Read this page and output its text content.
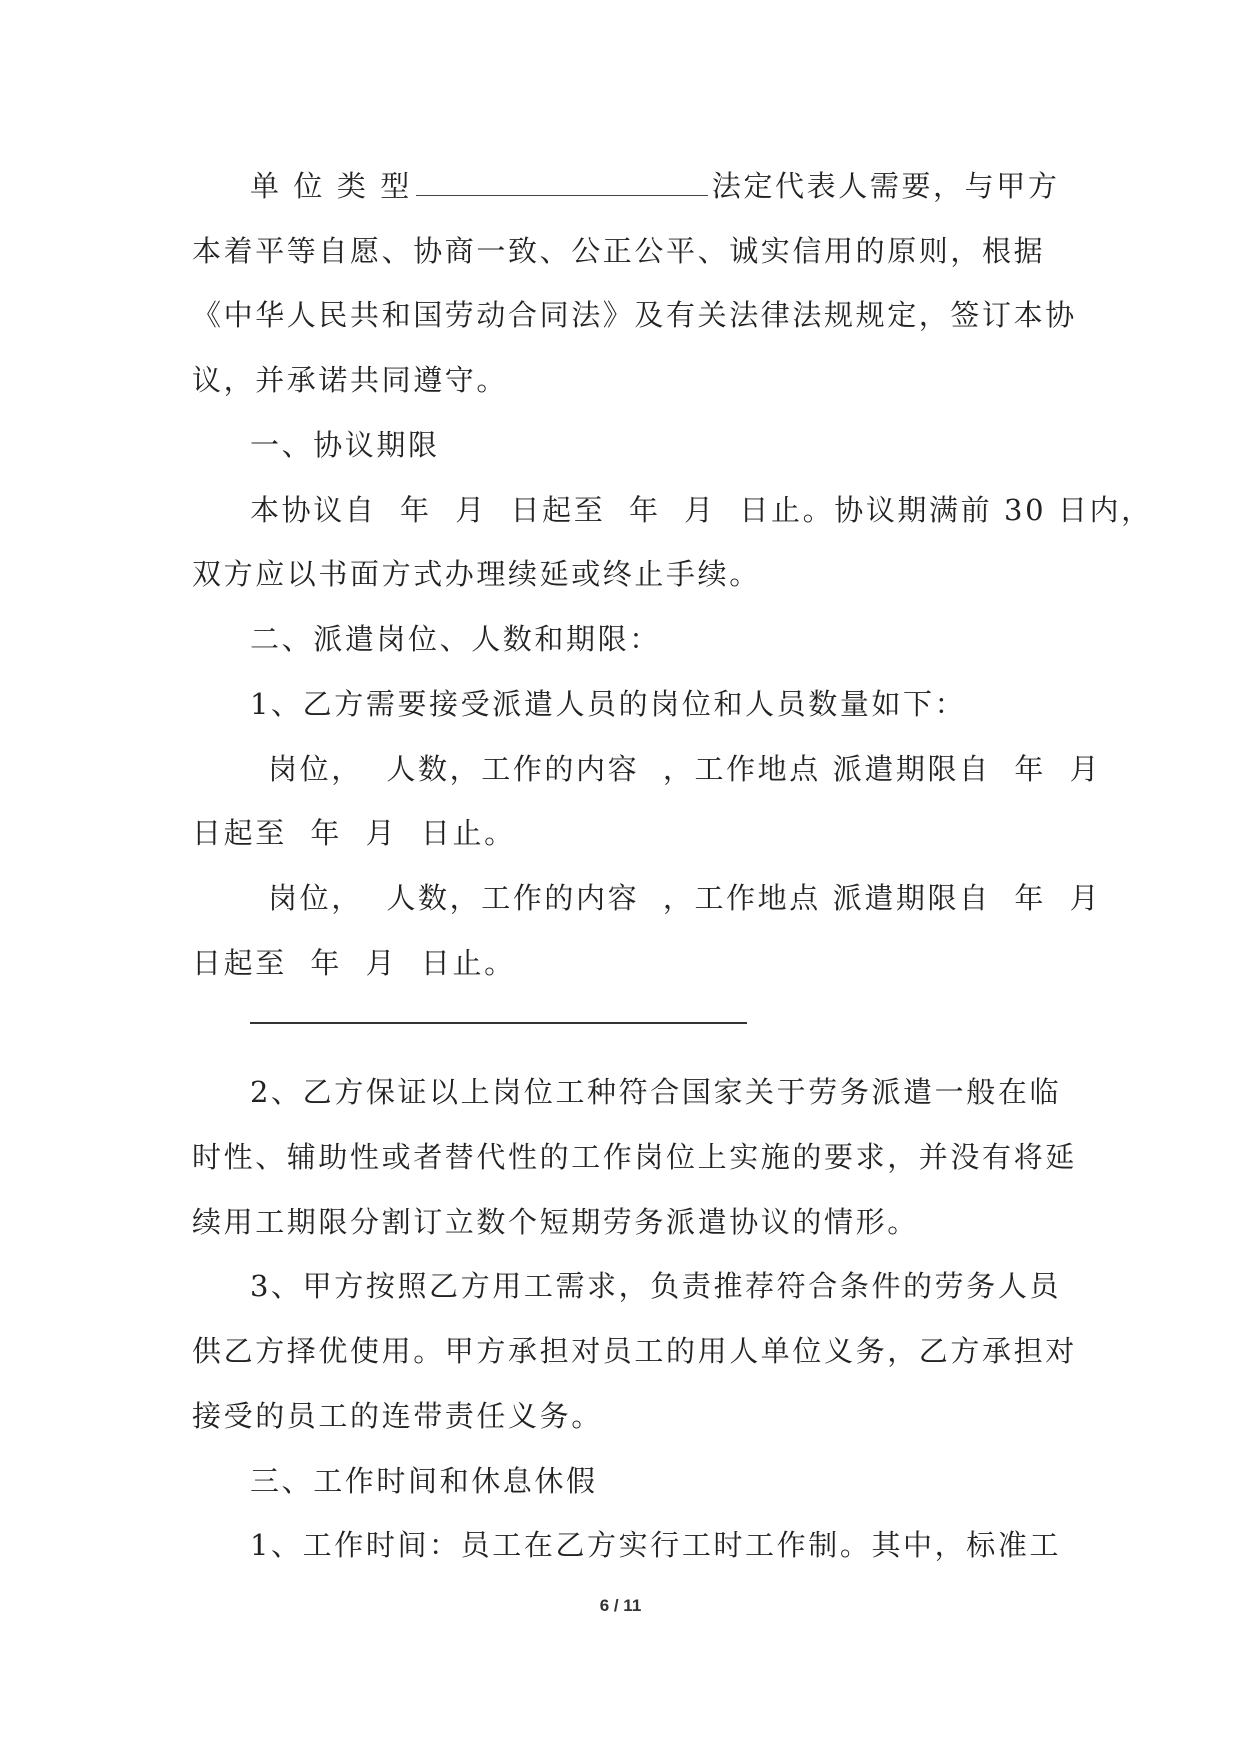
单 位 类 型	法定代表人需要，与甲方
本着平等自愿、协商一致、公正公平、诚实信用的原则，根据
《中华人民共和国劳动合同法》及有关法律法规规定，签订本协
议，并承诺共同遵守。
一、协议期限
本协议自  年  月  日起至  年  月  日止。协议期满前 30 日内，
双方应以书面方式办理续延或终止手续。
二、派遣岗位、人数和期限：
1、乙方需要接受派遣人员的岗位和人员数量如下：
岗位，  人数，工作的内容  ，工作地点 派遣期限自  年  月
日起至  年  月  日止。
岗位，  人数，工作的内容  ，工作地点 派遣期限自  年  月
日起至  年  月  日止。
2、乙方保证以上岗位工种符合国家关于劳务派遣一般在临
时性、辅助性或者替代性的工作岗位上实施的要求，并没有将延
续用工期限分割订立数个短期劳务派遣协议的情形。
3、甲方按照乙方用工需求，负责推荐符合条件的劳务人员
供乙方择优使用。甲方承担对员工的用人单位义务，乙方承担对
接受的员工的连带责任义务。
三、工作时间和休息休假
1、工作时间：员工在乙方实行工时工作制。其中，标准工
6 / 11
